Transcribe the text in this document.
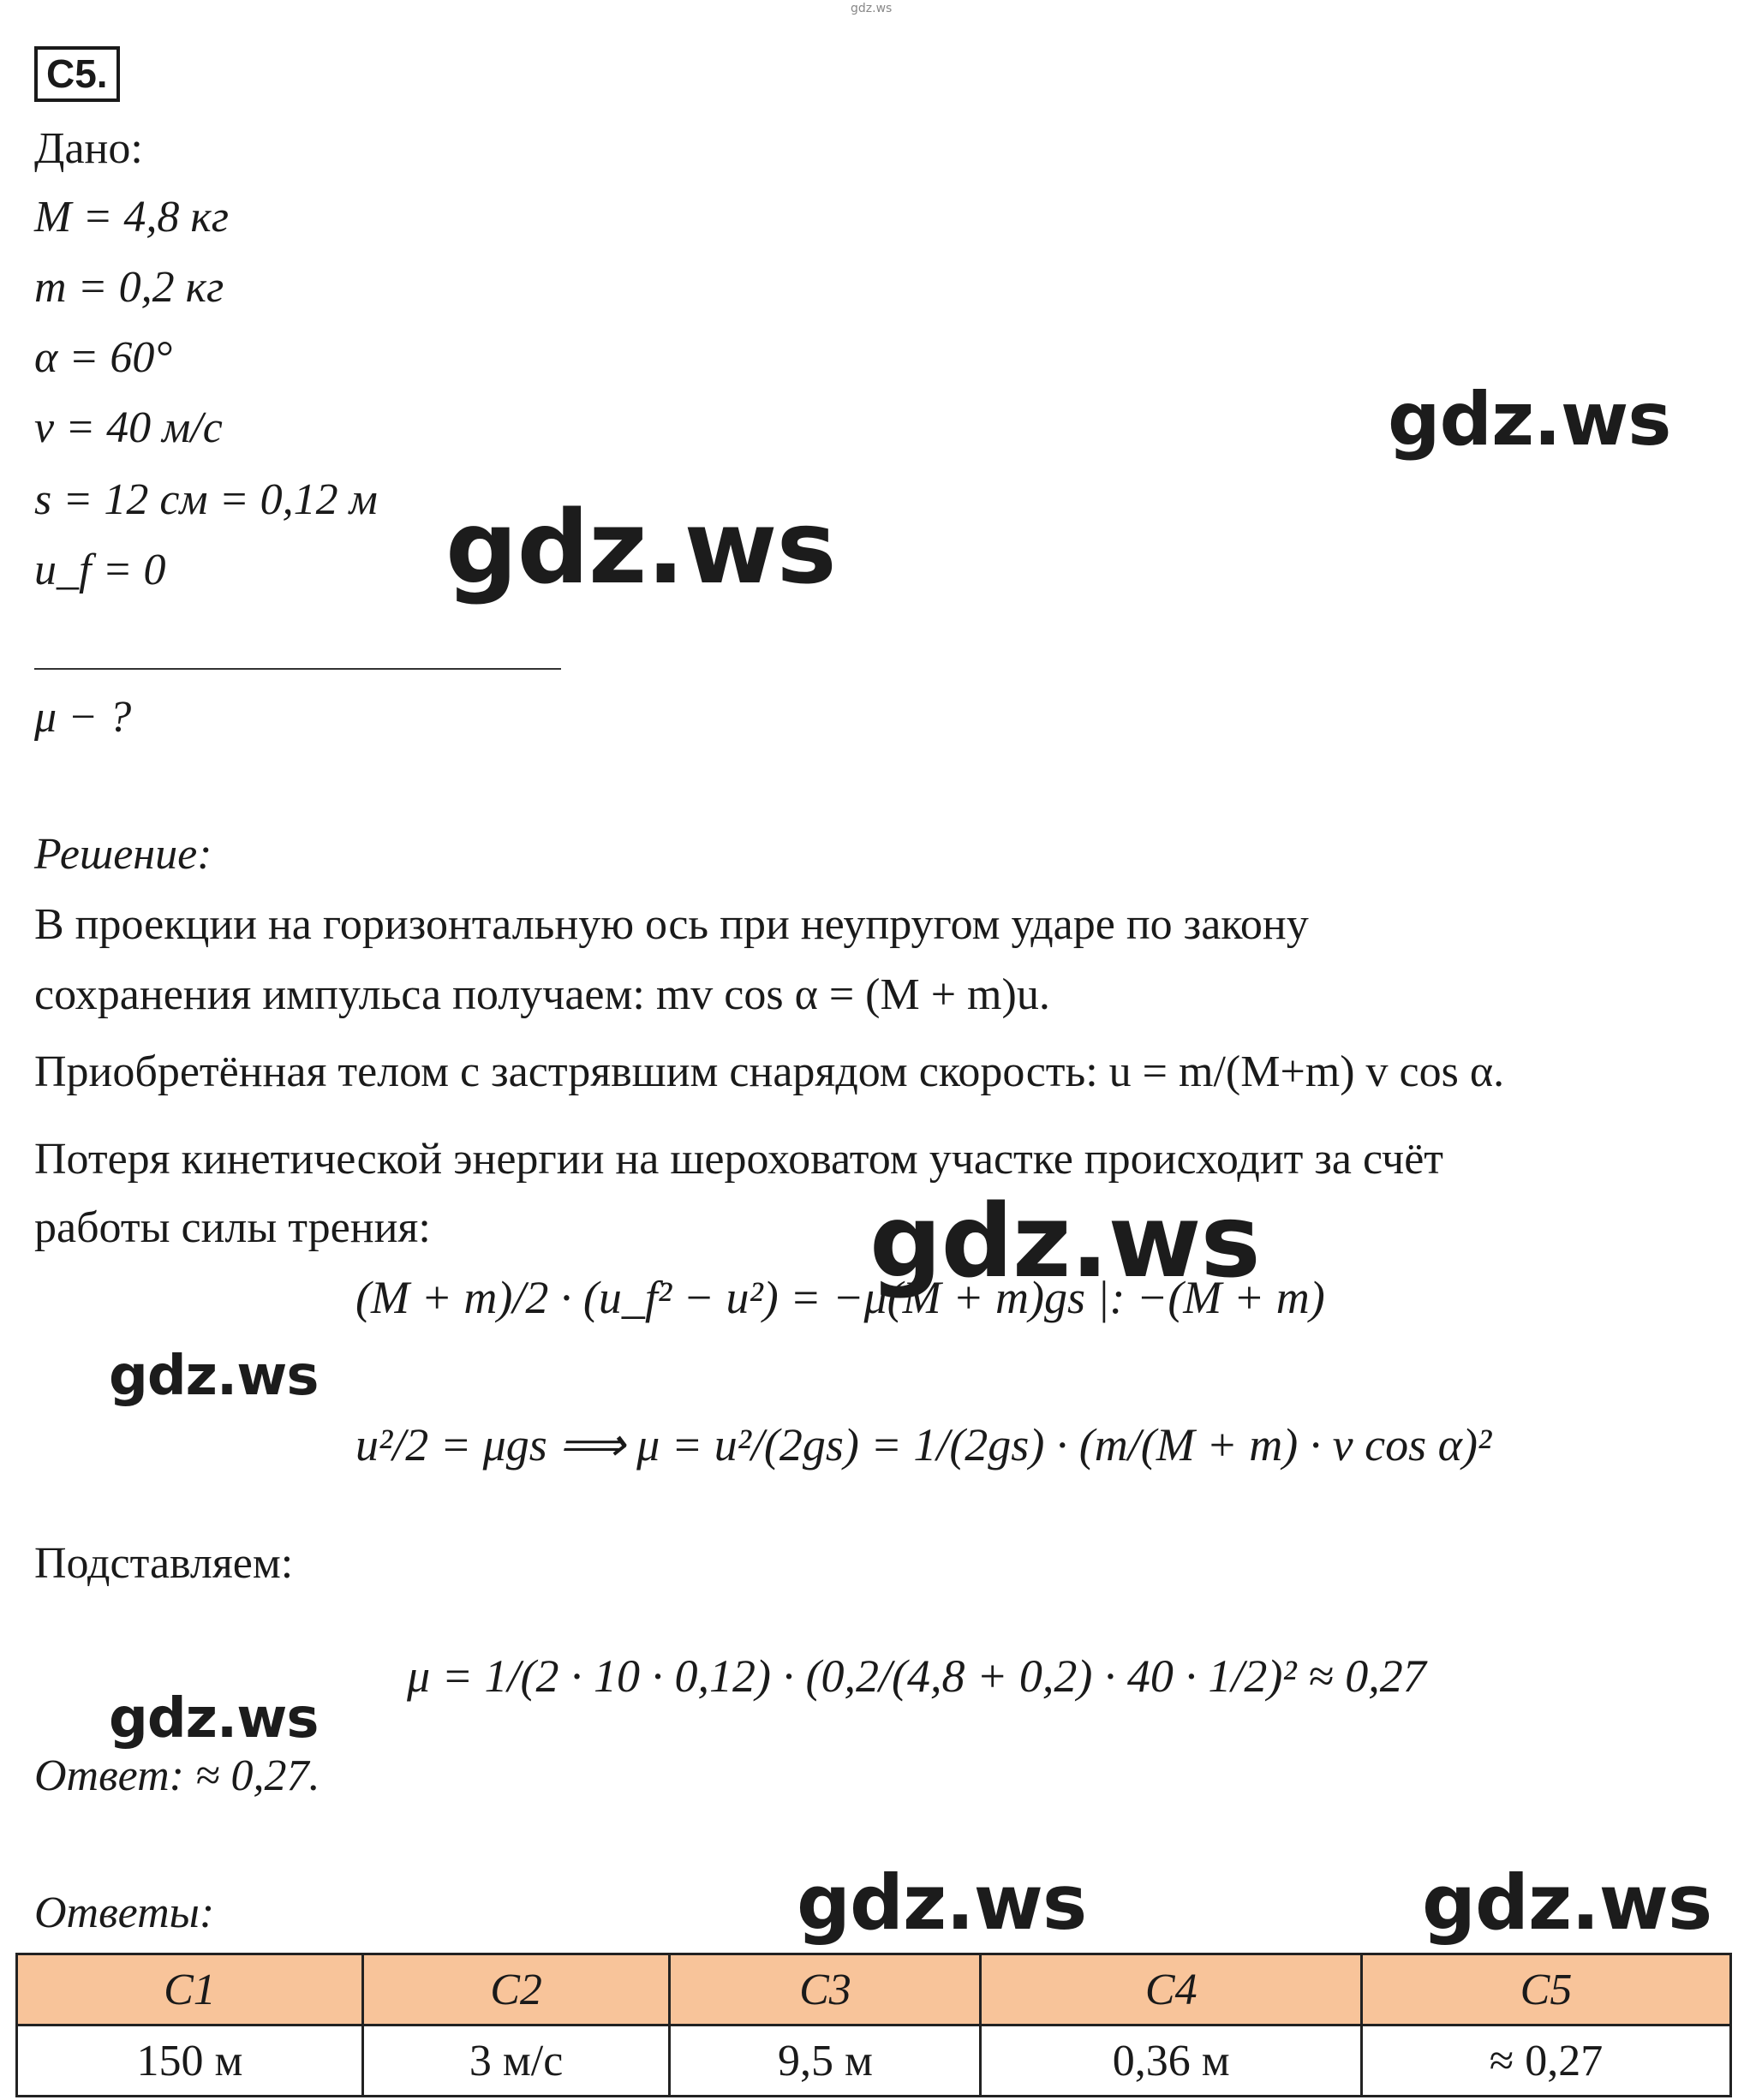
gdz.ws
C5.
Дано:
M = 4,8 кг
m = 0,2 кг
α = 60°
v = 40 м/с
s = 12 см = 0,12 м
u_f = 0
μ − ?
Решение:
В проекции на горизонтальную ось при неупругом ударе по закону
сохранения импульса получаем: mv cos α = (M + m)u.
Приобретённая телом с застрявшим снарядом скорость: u = m/(M+m) v cos α.
Потеря кинетической энергии на шероховатом участке происходит за счёт
работы силы трения:
(M + m)/2 · (u_f² − u²) = −μ(M + m)gs |: −(M + m)
u²/2 = μgs ⟹ μ = u²/(2gs) = 1/(2gs) · (m/(M + m) · v cos α)²
Подставляем:
μ = 1/(2 · 10 · 0,12) · (0,2/(4,8 + 0,2) · 40 · 1/2)² ≈ 0,27
Ответ: ≈ 0,27.
Ответы:
C1	C2	C3	C4	C5
150 м	3 м/с	9,5 м	0,36 м	≈ 0,27
gdz.ws
gdz.ws
gdz.ws
gdz.ws
gdz.ws
gdz.ws	gdz.ws
